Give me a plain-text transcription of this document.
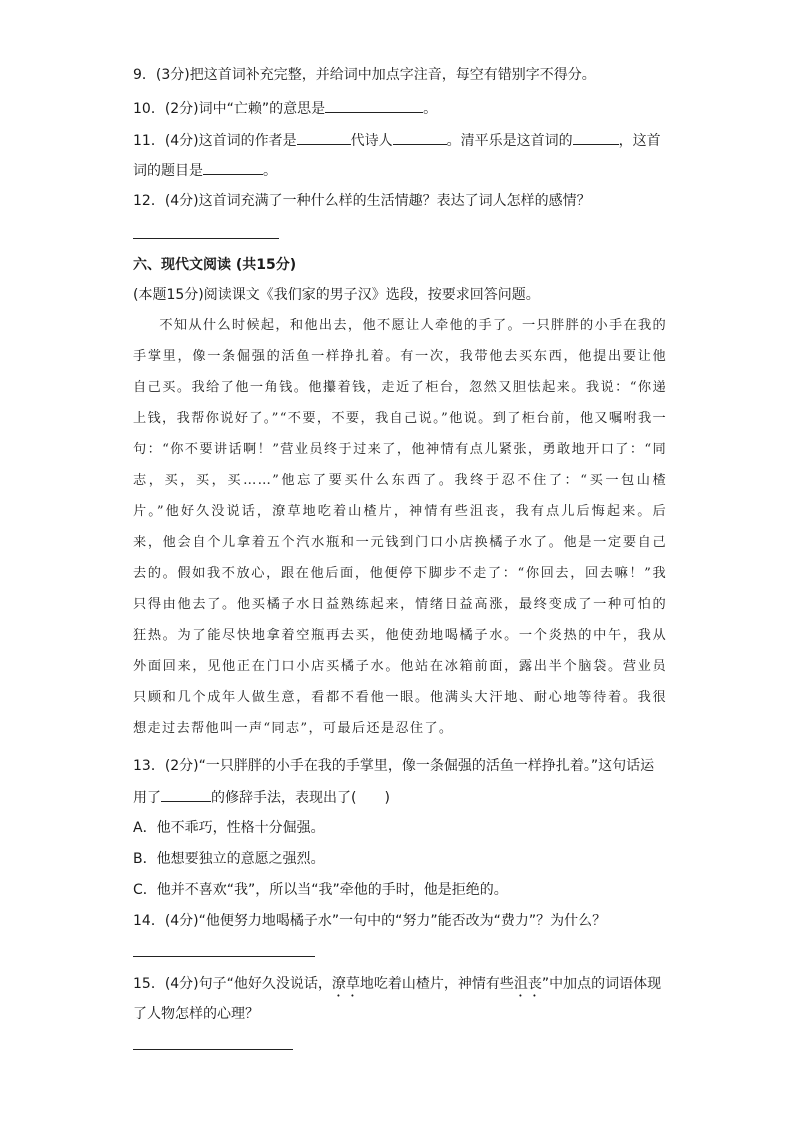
9．(3分)把这首词补充完整，并给词中加点字注音，每空有错别字不得分。
10．(2分)词中“亡赖”的意思是	。
11．(4分)这首词的作者是	代诗人	。清平乐是这首词的	，这首
词的题目是	。
12．(4分)这首词充满了一种什么样的生活情趣？表达了词人怎样的感情？
六、现代文阅读 (共15分)
(本题15分)阅读课文《我们家的男子汉》选段，按要求回答问题。
不知从什么时候起，和他出去，他不愿让人牵他的手了。一只胖胖的小手在我的手掌里，像一条倔强的活鱼一样挣扎着。有一次，我带他去买东西，他提出要让他自己买。我给了他一角钱。他攥着钱，走近了柜台，忽然又胆怯起来。我说：“你递上钱，我帮你说好了。”“不要，不要，我自己说。”他说。到了柜台前，他又嘱咐我一句：“你不要讲话啊！”营业员终于过来了，他神情有点儿紧张，勇敢地开口了：“同志，买，买，买……”他忘了要买什么东西了。我终于忍不住了：“买一包山楂片。”他好久没说话，潦草地吃着山楂片，神情有些沮丧，我有点儿后悔起来。后来，他会自个儿拿着五个汽水瓶和一元钱到门口小店换橘子水了。他是一定要自己去的。假如我不放心，跟在他后面，他便停下脚步不走了：“你回去，回去嘛！”我只得由他去了。他买橘子水日益熟练起来，情绪日益高涨，最终变成了一种可怕的狂热。为了能尽快地拿着空瓶再去买，他使劲地喝橘子水。一个炎热的中午，我从外面回来，见他正在门口小店买橘子水。他站在冰箱前面，露出半个脑袋。营业员只顾和几个成年人做生意，看都不看他一眼。他满头大汗地、耐心地等待着。我很想走过去帮他叫一声“同志”，可最后还是忍住了。
13．(2分)“一只胖胖的小手在我的手掌里，像一条倔强的活鱼一样挣扎着。”这句话运
用了	的修辞手法，表现出了(　　)
A．他不乖巧，性格十分倔强。
B．他想要独立的意愿之强烈。
C．他并不喜欢“我”，所以当“我”牵他的手时，他是拒绝的。
14．(4分)“他便努力地喝橘子水”一句中的“努力”能否改为“费力”？为什么？
15．(4分)句子“他好久没说话，潦草地吃着山楂片，神情有些沮丧”中加点的词语体现
了人物怎样的心理？
